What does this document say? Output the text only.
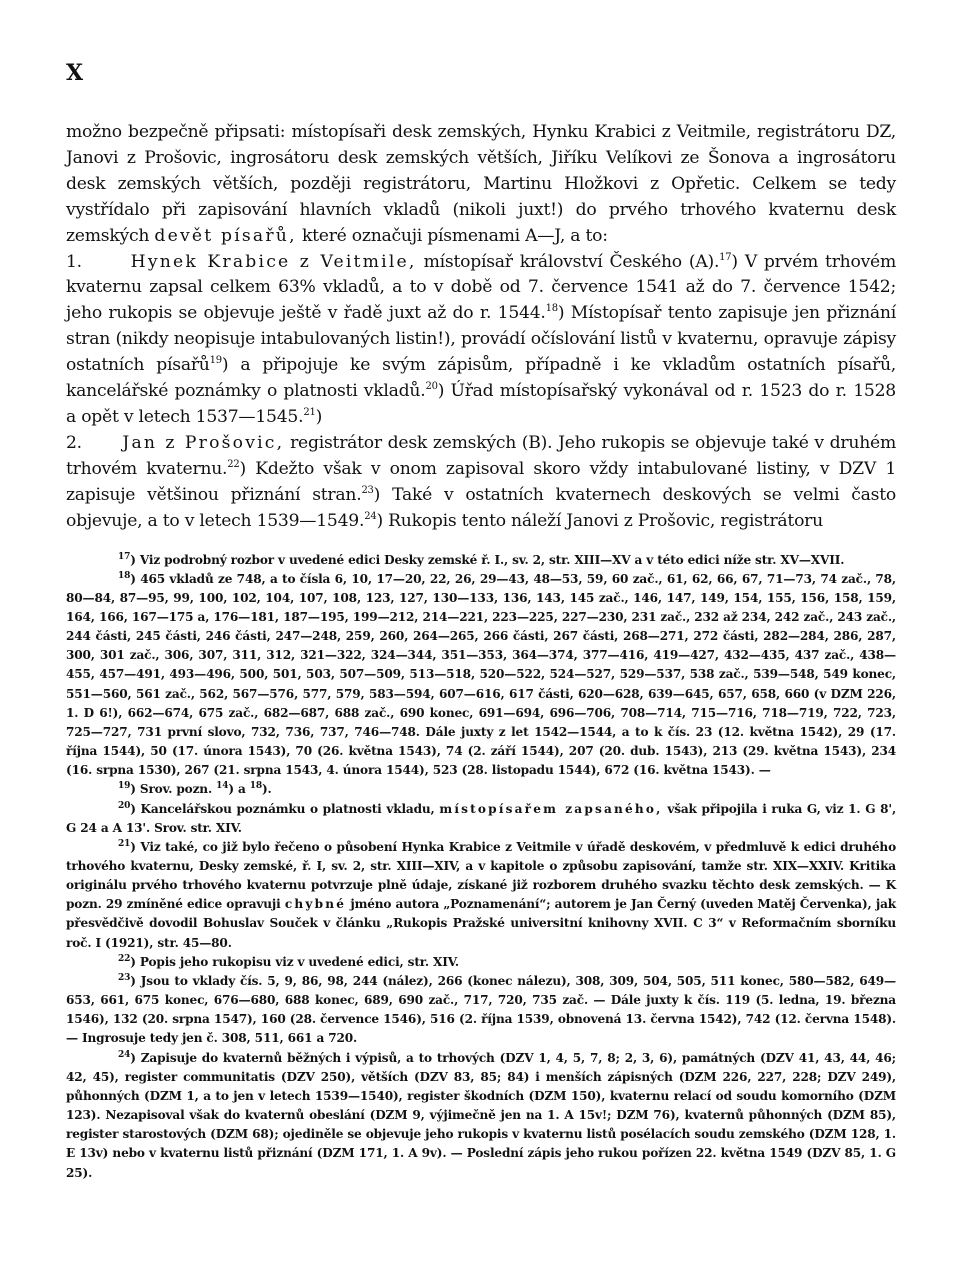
X

možno bezpečně připsati: místopísaři desk zemských, Hynku Krabici z Veitmile, registrátoru DZ, Janovi z Prošovic, ingrosátoru desk zemských větších, Jiříku Velíkovi ze Šonova a ingrosátoru desk zemských větších, později registrátoru, Martinu Hložkovi z Opřetic. Celkem se tedy vystřídalo při zapisování hlavních vkladů (nikoli juxt!) do prvého trhového kvaternu desk zemských devět písařů, které označuji písmenami A—J, a to:

1.	Hynek Krabice z Veitmile, místopísař království Českého (A).$^{17}$) V prvém trhovém kvaternu zapsal celkem 63% vkladů, a to v době od 7. července 1541 až do 7. července 1542; jeho rukopis se objevuje ještě v řadě juxt až do r. 1544.18) Místopísař tento zapisuje jen přiznání stran (nikdy neopisuje intabulovaných listin!), provádí očíslování listů v kvaternu, opravuje zápisy ostatních písařů$^{19}$) a připojuje ke svým zápisům, případně i ke vkladům ostatních písařů, kancelářské poznámky o platnosti vkladů.$^{20}$) Úřad místopísařský vykonával od r. 1523 do r. 1528 a opět v letech 1537—1545.21)

2. Jan z Prošovic, registrátor desk zemských (B). Jeho rukopis se objevuje také v druhém trhovém kvaternu.$^{22}$) Kdežto však v onom zapisoval skoro vždy intabulované listiny, v DZV 1 zapisuje většinou přiznání stran.$^{23}$) Také v ostatních kvaternech deskových se velmi často objevuje, a to v letech 1539—1549.24) Rukopis tento náleží Janovi z Prošovic, registrátoru

$^{17}$) Viz podrobný rozbor v uvedené edici Desky zemské ř. I., sv. 2, str. XIII—XV a v této edici níže str. XV—XVII.

$^{18}$) 465 vkladů ze 748, a to čísla 6, 10, 17—20, 22, 26, 29—43, 48—53, 59, 60 zač., 61, 62, 66, 67, 71—73, 74 zač., 78, 80—84, 87—95, 99, 100, 102, 104, 107, 108, 123, 127, 130—133, 136, 143, 145 zač., 146, 147, 149, 154, 155, 156, 158, 159, 164, 166, 167—175 a, 176—181, 187—195, 199—212, 214—221, 223—225, 227—230, 231 zač., 232 až 234, 242 zač., 243 zač., 244 části, 245 části, 246 části, 247—248, 259, 260, 264—265, 266 části, 267 části, 268—271, 272 části, 282—284, 286, 287, 300, 301 zač., 306, 307, 311, 312, 321—322, 324—344, 351—353, 364—374, 377—416, 419—427, 432—435, 437 zač., 438—455, 457—491, 493—496, 500, 501, 503, 507—509, 513—518, 520—522, 524—527, 529—537, 538 zač., 539—548, 549 konec, 551—560, 561 zač., 562, 567—576, 577, 579, 583—594, 607—616, 617 části, 620—628, 639—645, 657, 658, 660 (v DZM 226, 1. D 6!), 662—674, 675 zač., 682—687, 688 zač., 690 konec, 691—694, 696—706, 708—714, 715—716, 718—719, 722, 723, 725—727, 731 první slovo, 732, 736, 737, 746—748. Dále juxty z let 1542—1544, a to k čís. 23 (12. května 1542), 29 (17. října 1544), 50 (17. února 1543), 70 (26. května 1543), 74 (2. září 1544), 207 (20. dub. 1543), 213 (29. května 1543), 234 (16. srpna 1530), 267 (21. srpna 1543, 4. února 1544), 523 (28. listopadu 1544), 672 (16. května 1543). —

$^{19}$) Srov. pozn. $^{14}$) a $^{18}$).

$^{20}$) Kancelářskou poznámku o platnosti vkladu, místopísařem zapsaného, však připojila i ruka G, viz 1. G 8', G 24 a A 13'. Srov. str. XIV.

$^{21}$) Viz také, co již bylo řečeno o působení Hynka Krabice z Veitmile v úřadě deskovém, v předmluvě k edici druhého trhového kvaternu, Desky zemské, ř. I, sv. 2, str. XIII—XIV, a v kapitole o způsobu zapisování, tamže str. XIX—XXIV. Kritika originálu prvého trhového kvaternu potvrzuje plně údaje, získané již rozborem druhého svazku těchto desk zemských. — K pozn. 29 zmíněné edice opravuji chybné jméno autora „Poznamenání“; autorem je Jan Černý (uveden Matěj Červenka), jak přesvědčivě dovodil Bohuslav Souček v článku „Rukopis Pražské universitní knihovny XVII. C 3“ v Reformačním sborníku roč. I (1921), str. 45—80.

$^{22}$) Popis jeho rukopisu viz v uvedené edici, str. XIV.

$^{23}$) Jsou to vklady čís. 5, 9, 86, 98, 244 (nález), 266 (konec nálezu), 308, 309, 504, 505, 511 konec, 580—582, 649—653, 661, 675 konec, 676—680, 688 konec, 689, 690 zač., 717, 720, 735 zač. — Dále juxty k čís. 119 (5. ledna, 19. března 1546), 132 (20. srpna 1547), 160 (28. července 1546), 516 (2. října 1539, obnovená 13. června 1542), 742 (12. června 1548). — Ingrosuje tedy jen č. 308, 511, 661 a 720.

$^{24}$) Zapisuje do kvaternů běžných i výpisů, a to trhových (DZV 1, 4, 5, 7, 8; 2, 3, 6), památných (DZV 41, 43, 44, 46; 42, 45), register communitatis (DZV 250), větších (DZV 83, 85; 84) i menších zápisných (DZM 226, 227, 228; DZV 249), půhonných (DZM 1, a to jen v letech 1539—1540), register škodních (DZM 150), kvaternu relací od soudu komorního (DZM 123). Nezapisoval však do kvaternů obeslání (DZM 9, výjimečně jen na 1. A 15v!; DZM 76), kvaternů půhonných (DZM 85), register starostových (DZM 68); ojediněle se objevuje jeho rukopis v kvaternu listů posélacích soudu zemského (DZM 128, 1. E 13v) nebo v kvaternu listů přiznání (DZM 171, 1. A 9v). — Poslední zápis jeho rukou pořízen 22. května 1549 (DZV 85, 1. G 25).
